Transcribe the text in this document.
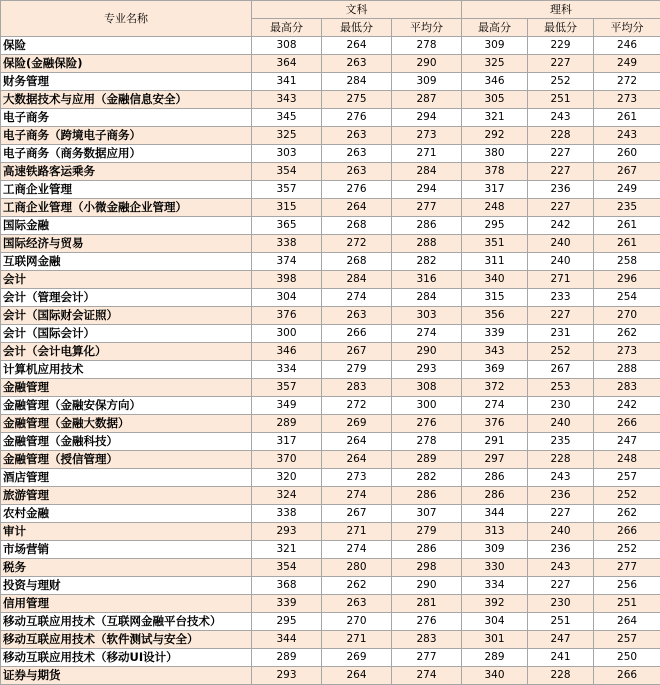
专业名称	文科			理科		
	最高分	最低分	平均分	最高分	最低分	平均分
保险	308	264	278	309	229	246
保险(金融保险)	364	263	290	325	227	249
财务管理	341	284	309	346	252	272
大数据技术与应用（金融信息安全）	343	275	287	305	251	273
电子商务	345	276	294	321	243	261
电子商务（跨境电子商务）	325	263	273	292	228	243
电子商务（商务数据应用）	303	263	271	380	227	260
高速铁路客运乘务	354	263	284	378	227	267
工商企业管理	357	276	294	317	236	249
工商企业管理（小微金融企业管理）	315	264	277	248	227	235
国际金融	365	268	286	295	242	261
国际经济与贸易	338	272	288	351	240	261
互联网金融	374	268	282	311	240	258
会计	398	284	316	340	271	296
会计（管理会计）	304	274	284	315	233	254
会计（国际财会证照）	376	263	303	356	227	270
会计（国际会计）	300	266	274	339	231	262
会计（会计电算化）	346	267	290	343	252	273
计算机应用技术	334	279	293	369	267	288
金融管理	357	283	308	372	253	283
金融管理（金融安保方向）	349	272	300	274	230	242
金融管理（金融大数据）	289	269	276	376	240	266
金融管理（金融科技）	317	264	278	291	235	247
金融管理（授信管理）	370	264	289	297	228	248
酒店管理	320	273	282	286	243	257
旅游管理	324	274	286	286	236	252
农村金融	338	267	307	344	227	262
审计	293	271	279	313	240	266
市场营销	321	274	286	309	236	252
税务	354	280	298	330	243	277
投资与理财	368	262	290	334	227	256
信用管理	339	263	281	392	230	251
移动互联应用技术（互联网金融平台技术）	295	270	276	304	251	264
移动互联应用技术（软件测试与安全）	344	271	283	301	247	257
移动互联应用技术（移动UI设计）	289	269	277	289	241	250
证券与期货	293	264	274	340	228	266
